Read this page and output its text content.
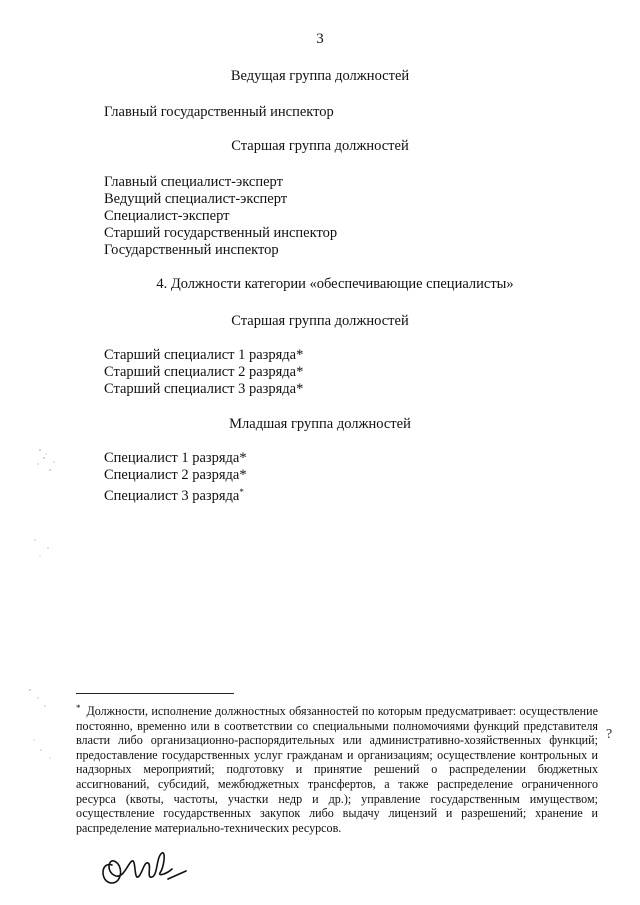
3
Ведущая группа должностей
Главный государственный инспектор
Старшая группа должностей
Главный специалист-эксперт
Ведущий специалист-эксперт
Специалист-эксперт
Старший государственный инспектор
Государственный инспектор
4. Должности категории «обеспечивающие специалисты»
Старшая группа должностей
Старший специалист 1 разряда*
Старший специалист 2 разряда*
Старший специалист 3 разряда*
Младшая группа должностей
Специалист 1 разряда*
Специалист 2 разряда*
Специалист 3 разряда*
* Должности, исполнение должностных обязанностей по которым предусматривает: осуществление постоянно, временно или в соответствии со специальными полномочиями функций представителя власти либо организационно-распорядительных или административно-хозяйственных функций; предоставление государственных услуг гражданам и организациям; осуществление контрольных и надзорных мероприятий; подготовку и принятие решений о распределении бюджетных ассигнований, субсидий, межбюджетных трансфертов, а также распределение ограниченного ресурса (квоты, частоты, участки недр и др.); управление государственным имуществом; осуществление государственных закупок либо выдачу лицензий и разрешений; хранение и распределение материально-технических ресурсов.
?
